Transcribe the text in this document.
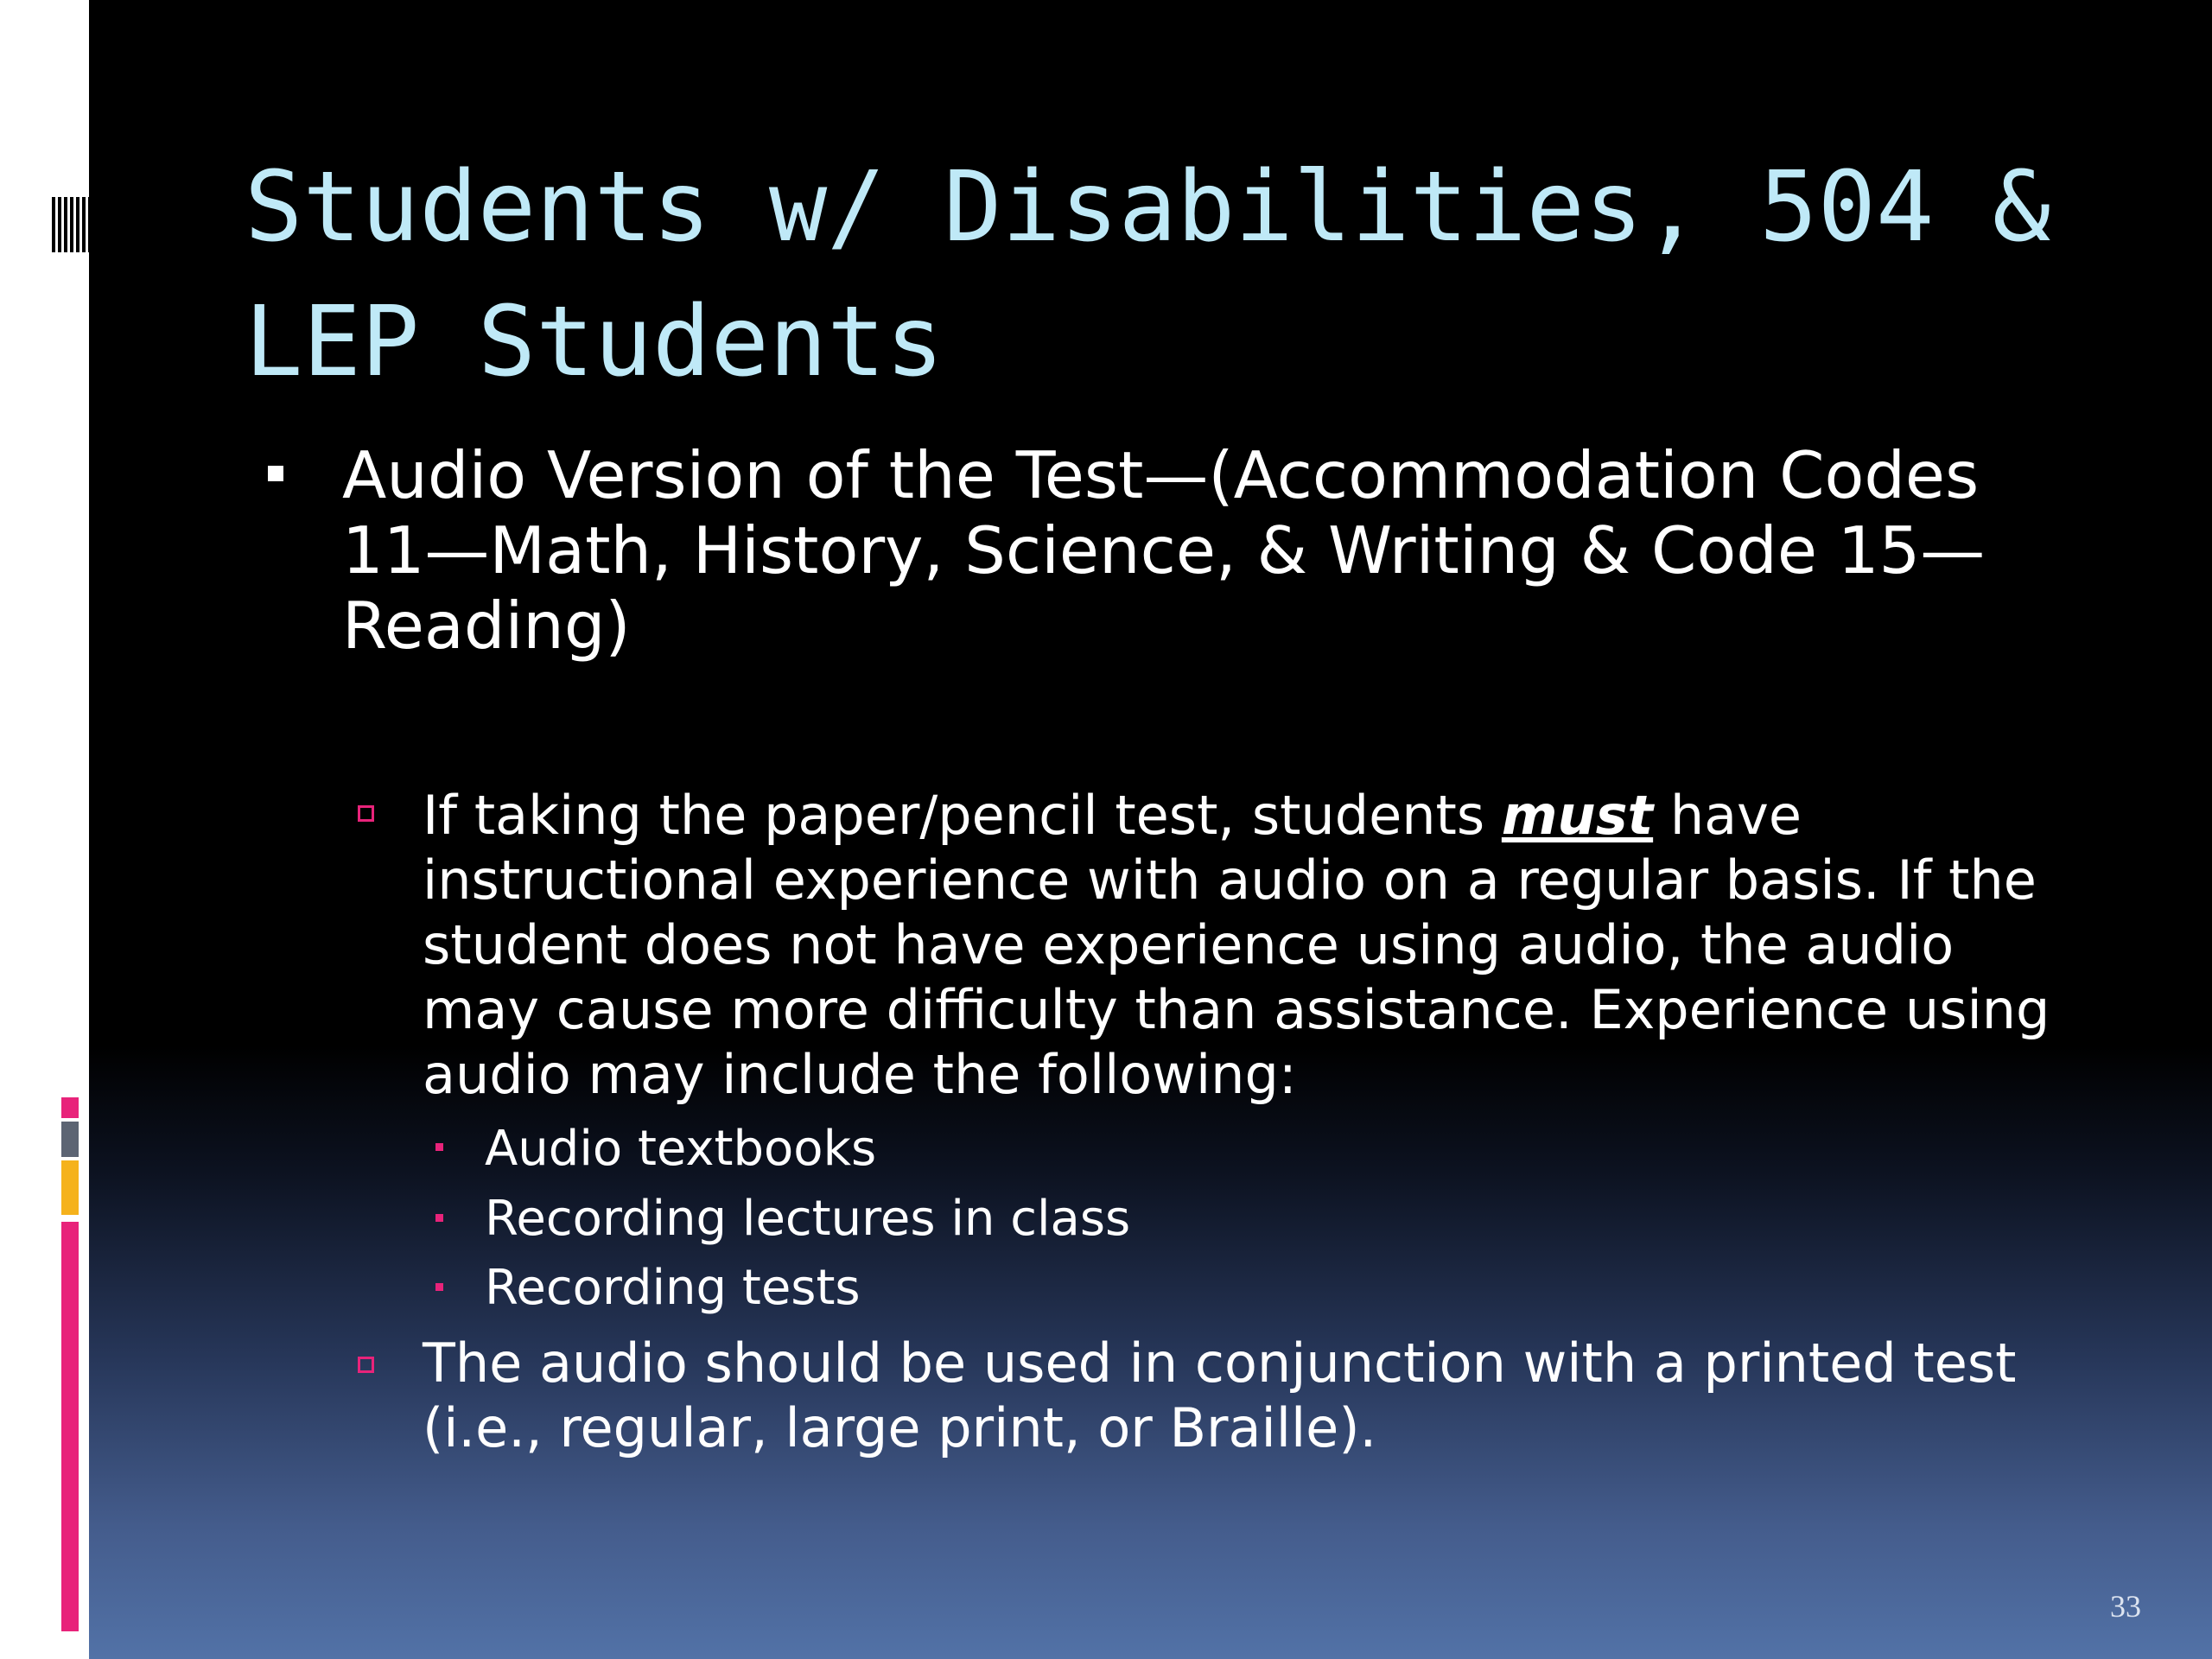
Students w/ Disabilities, 504 & LEP Students

Audio Version of the Test—(Accommodation Codes 11—Math, History, Science, & Writing & Code 15—Reading)

If taking the paper/pencil test, students must have instructional experience with audio on a regular basis. If the student does not have experience using audio, the audio may cause more difficulty than assistance. Experience using audio may include the following:

Audio textbooks

Recording lectures in class

Recording tests

The audio should be used in conjunction with a printed test (i.e., regular, large print, or Braille).

33
